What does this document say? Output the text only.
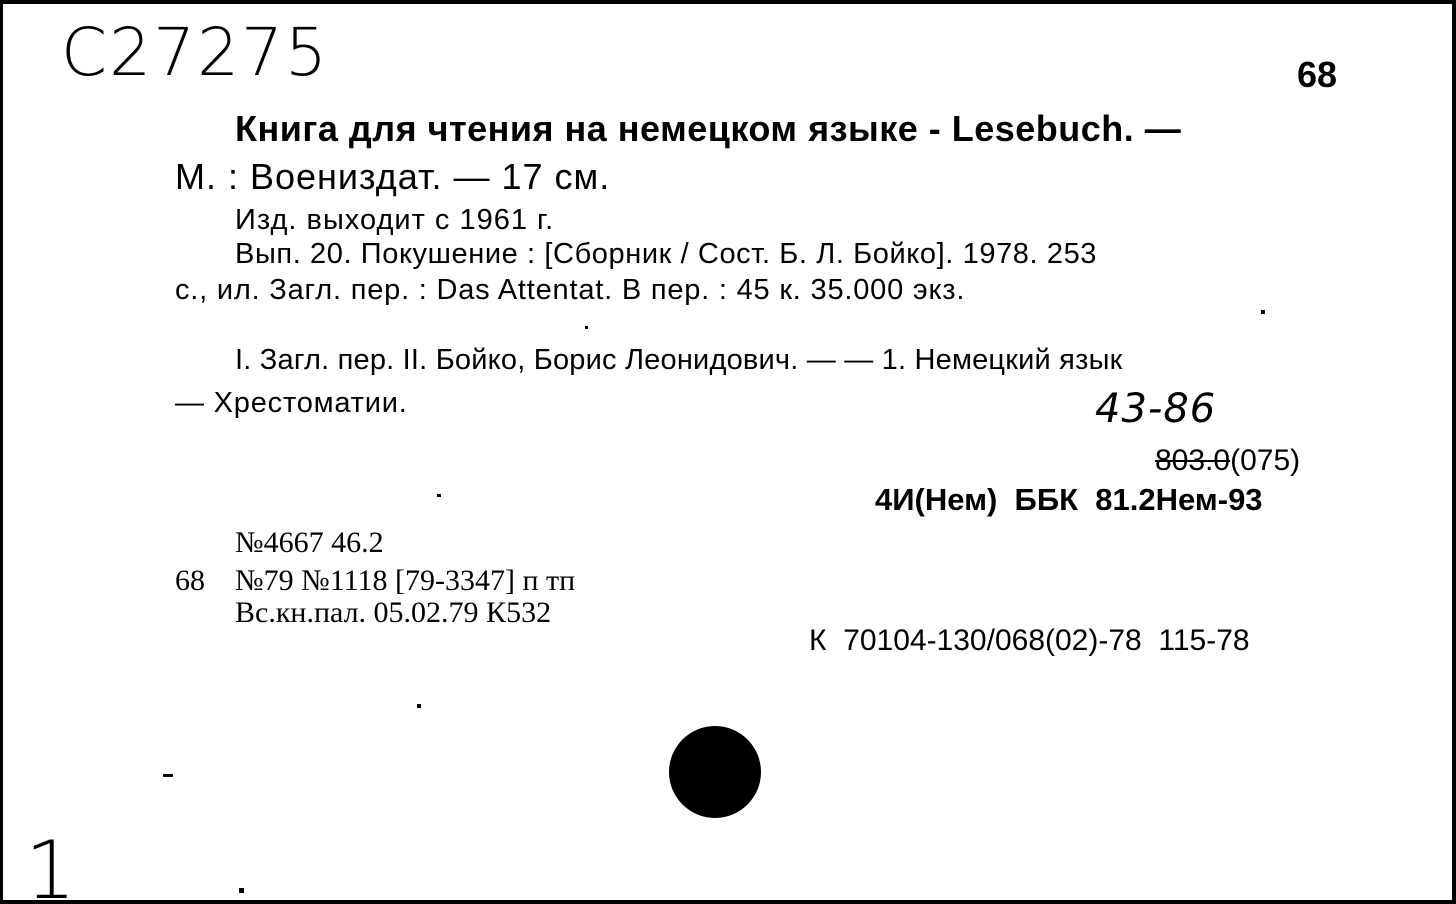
С27275	68
Книга для чтения на немецком языке - Lesebuch. —
М. : Воениздат. — 17 см.
Изд. выходит с 1961 г.
Вып. 20. Покушение : [Сборник / Сост. Б. Л. Бойко]. 1978. 253
с., ил. Загл. пер. : Das Attentat. В пер. : 45 к. 35.000 экз.
I. Загл. пер. II. Бойко, Борис Леонидович. — — 1. Немецкий язык
— Хрестоматии.	43-86
803.0(075)
4И(Нем)  ББК  81.2Нем-93
№4667 46.2
68 №79 №1118 [79-3347] п тп
Вс.кн.пал. 05.02.79 К532
К  70104-130/068(02)-78  115-78
1
